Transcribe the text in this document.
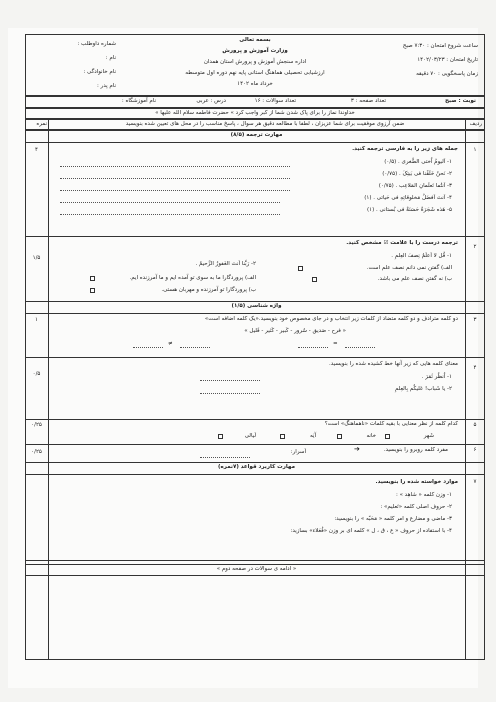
ساعت شروع امتحان : ۷:۳۰ صبح
تاریخ امتحان : ۱۴۰۲/۰۳/۲۳
زمان پاسخگویی : ۷۰ دقیقه
بسمه تعالی
وزارت آموزش و پرورش
اداره سنجش آموزش و پرورش استان همدان
ارزشیابی تحصیلی هماهنگ استانی پایه نهم دوره اول متوسطه
خرداد ماه ۱۴۰۲
شماره داوطلب :
نام :
نام خانوادگی :
نام پدر :
نوبت : صبح
تعداد صفحه : ۳
تعداد سوالات : ۱۶
درس : عربی
نام آموزشگاه :
« خداوندا نماز را برای پاک شدن شما از کبر واجب کرد » حضرت فاطمه سلام الله علیها
ردیف
ضمن آرزوی موفقیت برای شما عزیزان ، لطفا با مطالعه دقیق هر سوال ، پاسخ مناسب را در محل های تعیین شده بنویسید
نمره
مهارت ترجمه (۸/۵)
۱
۴	جمله های زیر را به فارسی ترجمه کنید.
۱- اَلیومُ اُختی الصُّغری . (۰/۵)
۲- نَحنُ خَلَقْنا فی بَیتِکَ . (۰/۷۵)
۳- اَنتُما تَعلَمانِ المَلاعِب . (۰/۷۵)
۴- اَنتَ اَفضَلُ مَخلوقاتِهِ فی حَیاتی . (۱)
۵- هَذه شَجَرَةٌ حَسَنَةٌ فی بُستانی . (۱)
۲
۱/۵
ترجمه درست را با علامت ☑ مشخص کنید.
۱- قُل لا اَعلَمُ نِصفَ العِلمِ .
الف) گفتن نمی دانم نصف علم است.
ب) نه گفتن نصف علم می باشد.
۲- رَبَّنا اَنتَ الغَفورُ الرَّحیمُ .
الف) پروردگارا ما به سوی تو آمده ایم و ما آمرزنده ایم.
ب) پروردگارا تو آمرزنده و مهربان هستی.
واژه شناسی (۱/۵)
۳
۱	دو کلمه مترادف و دو کلمه متضاد از کلمات زیر انتخاب و در جای مخصوص خود بنویسید.«یک کلمه اضافه است»
« فرح - صَدیق - سُرور - کَبیر - کَثیر - قَلیل »
=
≠
۴
۰/۵
معنای کلمه هایی که زیر آنها خط کشیده شده را بنویسید.
۱- اُنظُر ثَمَرَ .
۲- یا شَباب! عَلیکُم بِالعِلمِ
۵
۰/۲۵	کدام کلمه از نظر معنایی با بقیه کلمات «ناهماهنگ» است؟
شَهر
خانه
آیَه
لَیالی
۶
۰/۲۵	مفرد کلمه روبرو را بنویسید.
➔
اَسرار:
مهارت کاربرد قواعد (۷نمره)
۷
موارد خواسته شده را بنویسید.
۱- وزن کلمه « شاهِد » :
۲- حروف اصلی کلمه «تَعلیم» :
۳- ماضی و مضارع و امر کلمه « مَحَبّه » را بنویسید:
۴- با استفاده از حروف « ع ، ق ، ل » کلمه ای بر وزن «فُعَلاء» بسازید:
« ادامه ی سوالات در صفحه دوم »
